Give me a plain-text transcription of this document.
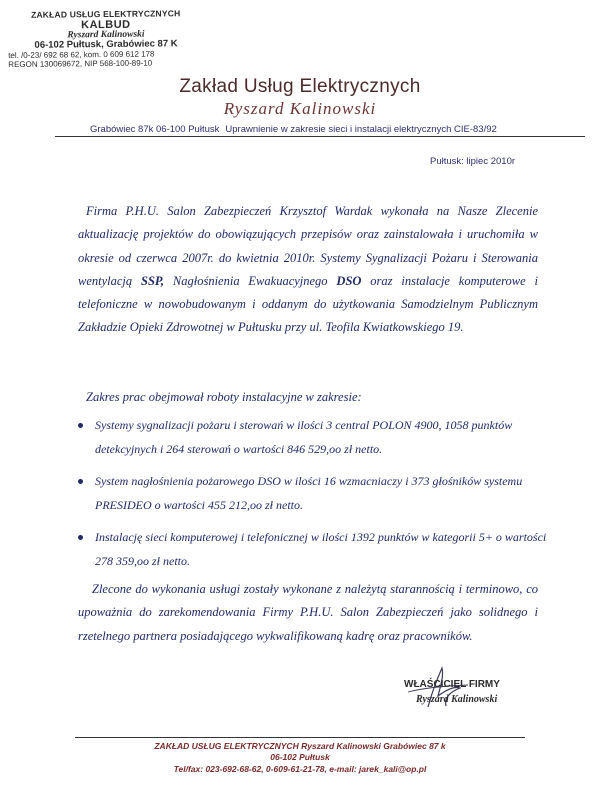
ZAKŁAD USŁUG ELEKTRYCZNYCH
KALBUD
Ryszard Kalinowski
06-102 Pułtusk, Grabówiec 87 K
tel. /0-23/ 692 68 62, kom. 0 609 612 178
REGON 130069672, NIP 568-100-89-10
Zakład Usług Elektrycznych
Ryszard Kalinowski
Grabówiec 87k 06-100 Pułtusk Uprawnienie w zakresie sieci i instalacji elektrycznych CIE-83/92
Pułtusk: lipiec 2010r
Firma P.H.U. Salon Zabezpieczeń Krzysztof Wardak wykonała na Nasze Zlecenie aktualizację projektów do obowiązujących przepisów oraz zainstalowała i uruchomiła w okresie od czerwca 2007r. do kwietnia 2010r. Systemy Sygnalizacji Pożaru i Sterowania wentylacją SSP, Nagłośnienia Ewakuacyjnego DSO oraz instalacje komputerowe i telefoniczne w nowobudowanym i oddanym do użytkowania Samodzielnym Publicznym Zakładzie Opieki Zdrowotnej w Pułtusku przy ul. Teofila Kwiatkowskiego 19.
Zakres prac obejmował roboty instalacyjne w zakresie:
Systemy sygnalizacji pożaru i sterowań w ilości 3 central POLON 4900, 1058 punktów detekcyjnych i 264 sterowań o wartości 846 529,oo zł netto.
System nagłośnienia pożarowego DSO w ilości 16 wzmacniaczy i 373 głośników systemu PRESIDEO o wartości 455 212,oo zł netto.
Instalację sieci komputerowej i telefonicznej w ilości 1392 punktów w kategorii 5+ o wartości 278 359,oo zł netto.
Zlecone do wykonania usługi zostały wykonane z należytą starannością i terminowo, co upoważnia do zarekomendowania Firmy P.H.U. Salon Zabezpieczeń jako solidnego i rzetelnego partnera posiadającego wykwalifikowaną kadrę oraz pracowników.
WŁAŚCICIEL FIRMY
Ryszard Kalinowski
ZAKŁAD USŁUG ELEKTRYCZNYCH Ryszard Kalinowski Grabówiec 87 k
06-102 Pułtusk
Tel/fax: 023-692-68-62, 0-609-61-21-78, e-mail: jarek_kali@op.pl
